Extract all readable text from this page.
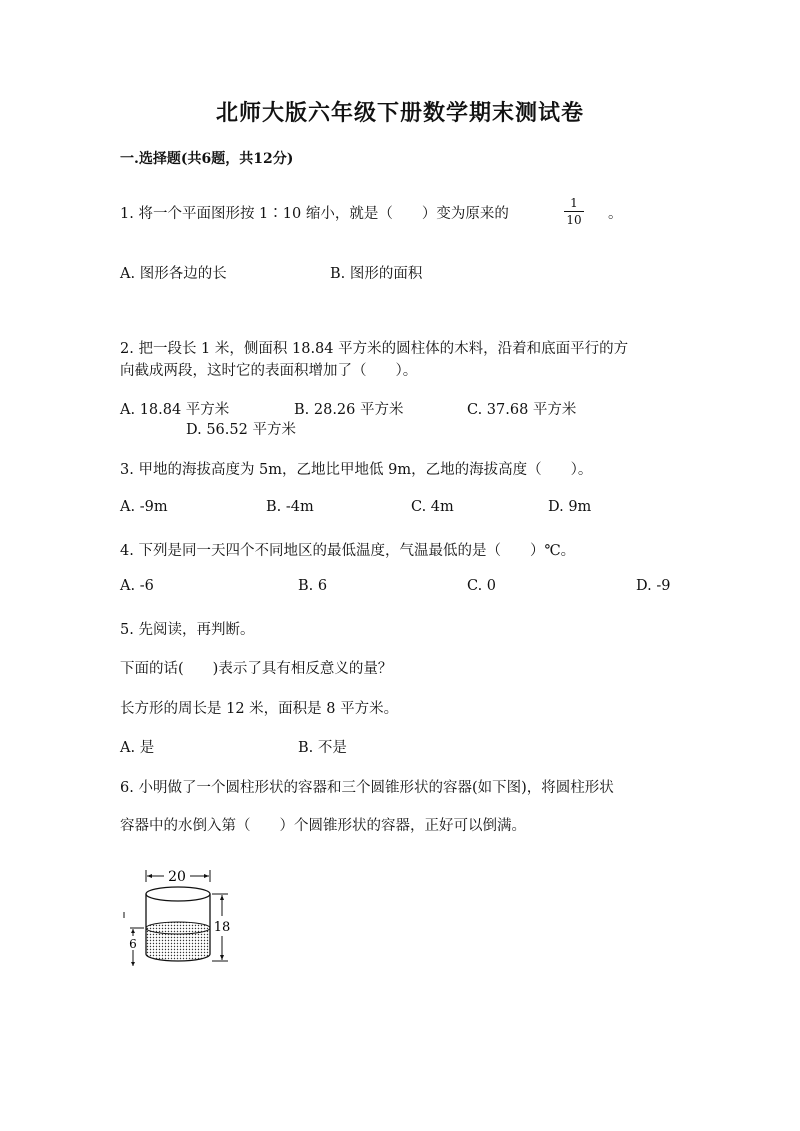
北师大版六年级下册数学期末测试卷
一.选择题(共6题，共12分)
1. 将一个平面图形按 1∶10 缩小，就是（　　）变为原来的
1
10	。
A. 图形各边的长	B. 图形的面积
2. 把一段长 1 米，侧面积 18.84 平方米的圆柱体的木料，沿着和底面平行的方
向截成两段，这时它的表面积增加了（　　）。
A. 18.84 平方米	B. 28.26 平方米	C. 37.68 平方米
D. 56.52 平方米
3. 甲地的海拔高度为 5m，乙地比甲地低 9m，乙地的海拔高度（　　）。
A. -9m	B. -4m	C. 4m	D. 9m
4. 下列是同一天四个不同地区的最低温度，气温最低的是（　　）℃。
A. -6	B. 6	C. 0	D. -9
5. 先阅读，再判断。
下面的话(　　)表示了具有相反意义的量？
长方形的周长是 12 米，面积是 8 平方米。
A. 是	B. 不是
6. 小明做了一个圆柱形状的容器和三个圆锥形状的容器(如下图)，将圆柱形状
容器中的水倒入第（　　）个圆锥形状的容器，正好可以倒满。
20
18
6
